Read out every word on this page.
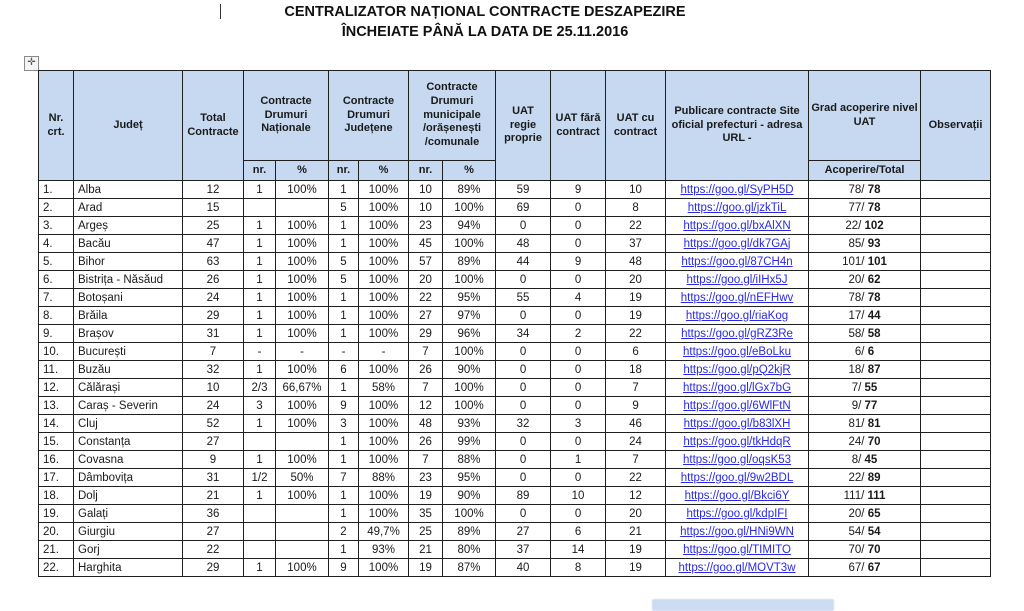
CENTRALIZATOR NAȚIONAL CONTRACTE DESZAPEZIRE
ÎNCHEIATE PÂNĂ LA DATA DE 25.11.2016
✛
Nr. crt.	Județ	Total Contracte	Contracte Drumuri Naționale		Contracte Drumuri Județene		Contracte Drumuri municipale /orășenești /comunale		UAT regie proprie	UAT fără contract	UAT cu contract	Publicare contracte Site oficial prefecturi - adresa URL -	Grad acoperire nivel UAT	Observații
			nr.	%	nr.	%	nr.	%					Acoperire/Total	
1.	Alba	12	1	100%	1	100%	10	89%	59	9	10	https://goo.gl/SyPH5D	78/ 78	
2.	Arad	15			5	100%	10	100%	69	0	8	https://goo.gl/jzkTiL	77/ 78	
3.	Argeș	25	1	100%	1	100%	23	94%	0	0	22	https://goo.gl/bxAlXN	22/ 102	
4.	Bacău	47	1	100%	1	100%	45	100%	48	0	37	https://goo.gl/dk7GAj	85/ 93	
5.	Bihor	63	1	100%	5	100%	57	89%	44	9	48	https://goo.gl/87CH4n	101/ 101	
6.	Bistrița - Năsăud	26	1	100%	5	100%	20	100%	0	0	20	https://goo.gl/iIHx5J	20/ 62	
7.	Botoșani	24	1	100%	1	100%	22	95%	55	4	19	https://goo.gl/nEFHwv	78/ 78	
8.	Brăila	29	1	100%	1	100%	27	97%	0	0	19	https://goo.gl/riaKog	17/ 44	
9.	Brașov	31	1	100%	1	100%	29	96%	34	2	22	https://goo.gl/gRZ3Re	58/ 58	
10.	București	7	-	-	-	-	7	100%	0	0	6	https://goo.gl/eBoLku	6/ 6	
11.	Buzău	32	1	100%	6	100%	26	90%	0	0	18	https://goo.gl/pQ2kjR	18/ 87	
12.	Călărași	10	2/3	66,67%	1	58%	7	100%	0	0	7	https://goo.gl/lGx7bG	7/ 55	
13.	Caraș - Severin	24	3	100%	9	100%	12	100%	0	0	9	https://goo.gl/6WlFtN	9/ 77	
14.	Cluj	52	1	100%	3	100%	48	93%	32	3	46	https://goo.gl/b83lXH	81/ 81	
15.	Constanța	27			1	100%	26	99%	0	0	24	https://goo.gl/tkHdqR	24/ 70	
16.	Covasna	9	1	100%	1	100%	7	88%	0	1	7	https://goo.gl/oqsK53	8/ 45	
17.	Dâmbovița	31	1/2	50%	7	88%	23	95%	0	0	22	https://goo.gl/9w2BDL	22/ 89	
18.	Dolj	21	1	100%	1	100%	19	90%	89	10	12	https://goo.gl/Bkci6Y	111/ 111	
19.	Galați	36			1	100%	35	100%	0	0	20	https://goo.gl/kdpIFI	20/ 65	
20.	Giurgiu	27			2	49,7%	25	89%	27	6	21	https://goo.gl/HNi9WN	54/ 54	
21.	Gorj	22			1	93%	21	80%	37	14	19	https://goo.gl/TIMITO	70/ 70	
22.	Harghita	29	1	100%	9	100%	19	87%	40	8	19	https://goo.gl/MOVT3w	67/ 67	
